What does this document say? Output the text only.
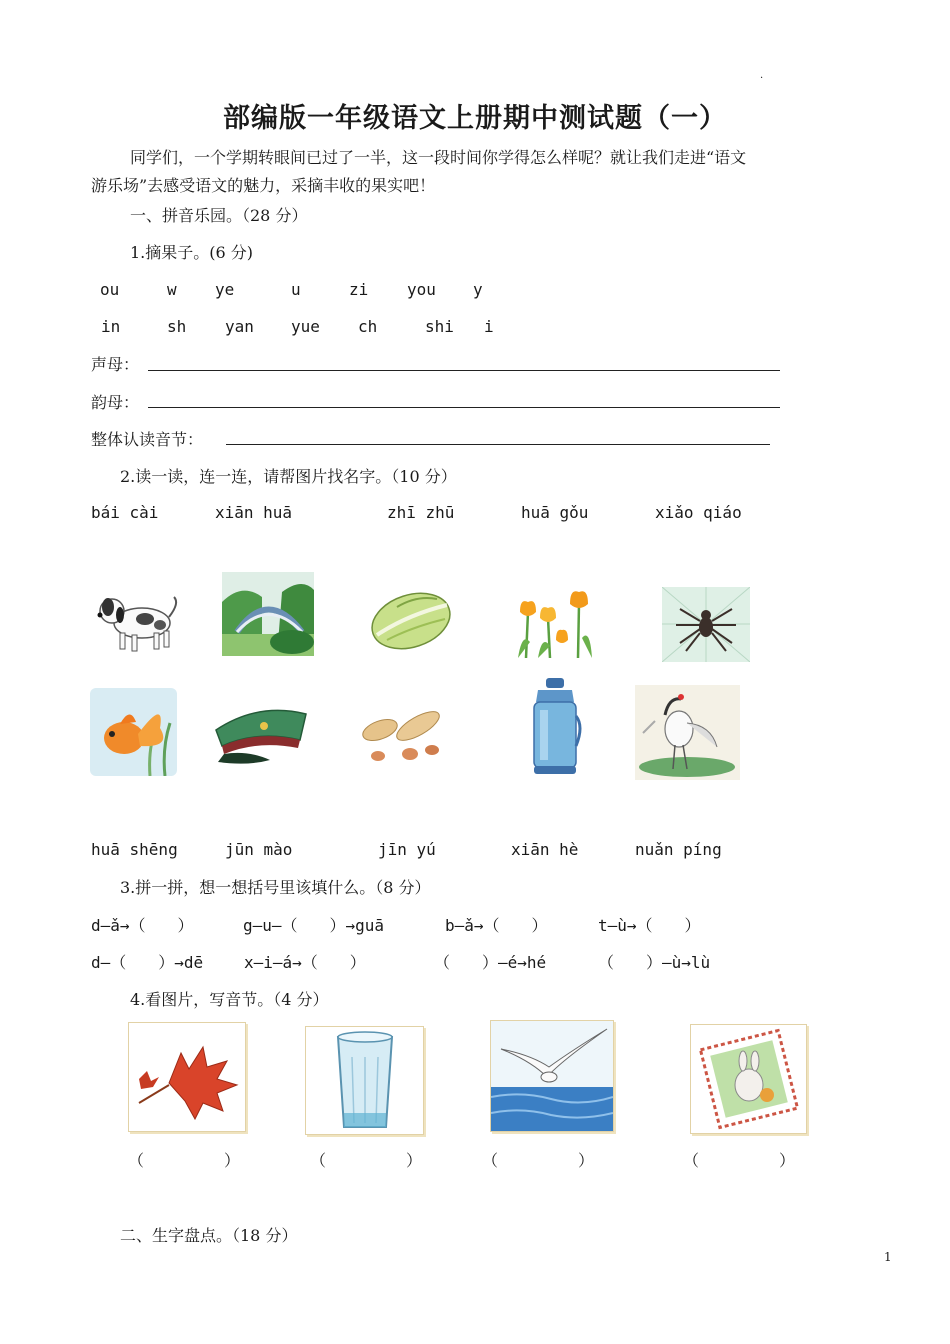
.
部编版一年级语文上册期中测试题（一）
同学们，一个学期转眼间已过了一半，这一段时间你学得怎么样呢？就让我们走进“语文
游乐场”去感受语文的魅力，采摘丰收的果实吧！
一、拼音乐园。（28 分）
1.摘果子。(6 分)
ou	w ye	u	zi you y
in	sh yan yue ch	shi i
声母：
韵母：
整体认读音节：
2.读一读，连一连，请帮图片找名字。（10 分）
bái cài	xiān huā	zhī zhū	huā gǒu	xiǎo qiáo
huā shēng	jūn mào	jīn yú	xiān hè	nuǎn píng
3.拼一拼，想一想括号里该填什么。（8 分）
d—ǎ→（　　）	g—u—（　　）→guā	b—ǎ→（　　）	t—ù→（　　）
d—（　　）→dē	x—i—á→（　　）	（　　）—é→hé	（　　）—ù→lù
4.看图片，写音节。（4 分）
（　　　　　）	（　　　　　）	（　　　　　）	（　　　　　）
二、生字盘点。（18 分）
1
